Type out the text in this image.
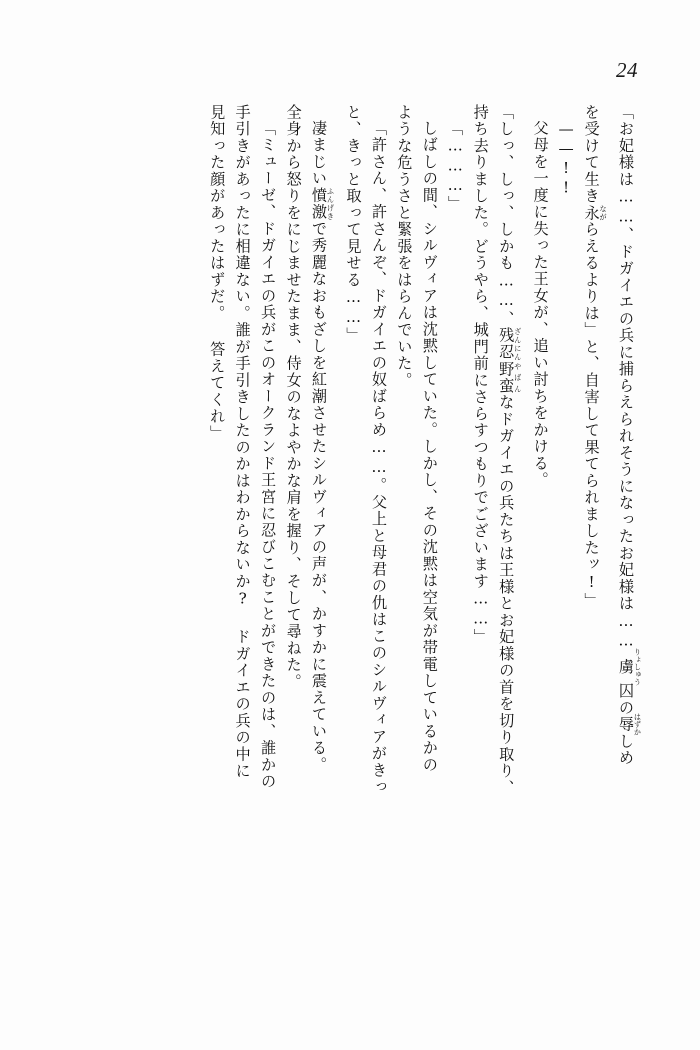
24
「お妃様は……、ドガイエの兵に捕らえられそうになったお妃様は……虜りょしゅう囚の辱はずかしめ
を受けて生き永ながらえるよりは」と、自害して果てられましたッ!」
——!!
父母を一度に失った王女が、追い討ちをかける。
「しっ、しっ、しかも……、残忍ざんにん野蛮やばんなドガイエの兵たちは王様とお妃様の首を切り取り、
持ち去りました。どうやら、城門前にさらすつもりでございます……」
「………」
しばしの間、シルヴィアは沈黙していた。しかし、その沈黙は空気が帯電しているかの
ような危うさと緊張をはらんでいた。
「許さん、許さんぞ、ドガイエの奴ばらめ……。父上と母君の仇はこのシルヴィアがきっ
と、きっと取って見せる……」
凄まじい憤激ふんげきで秀麗なおもざしを紅潮させたシルヴィアの声が、かすかに震えている。
全身から怒りをにじませたまま、侍女のなよやかな肩を握り、そして尋ねた。
「ミューゼ、ドガイエの兵がこのオークランド王宮に忍びこむことができたのは、誰かの
手引きがあったに相違ない。誰が手引きしたのかはわからないか? ドガイエの兵の中に
見知った顔があったはずだ。 答えてくれ」
